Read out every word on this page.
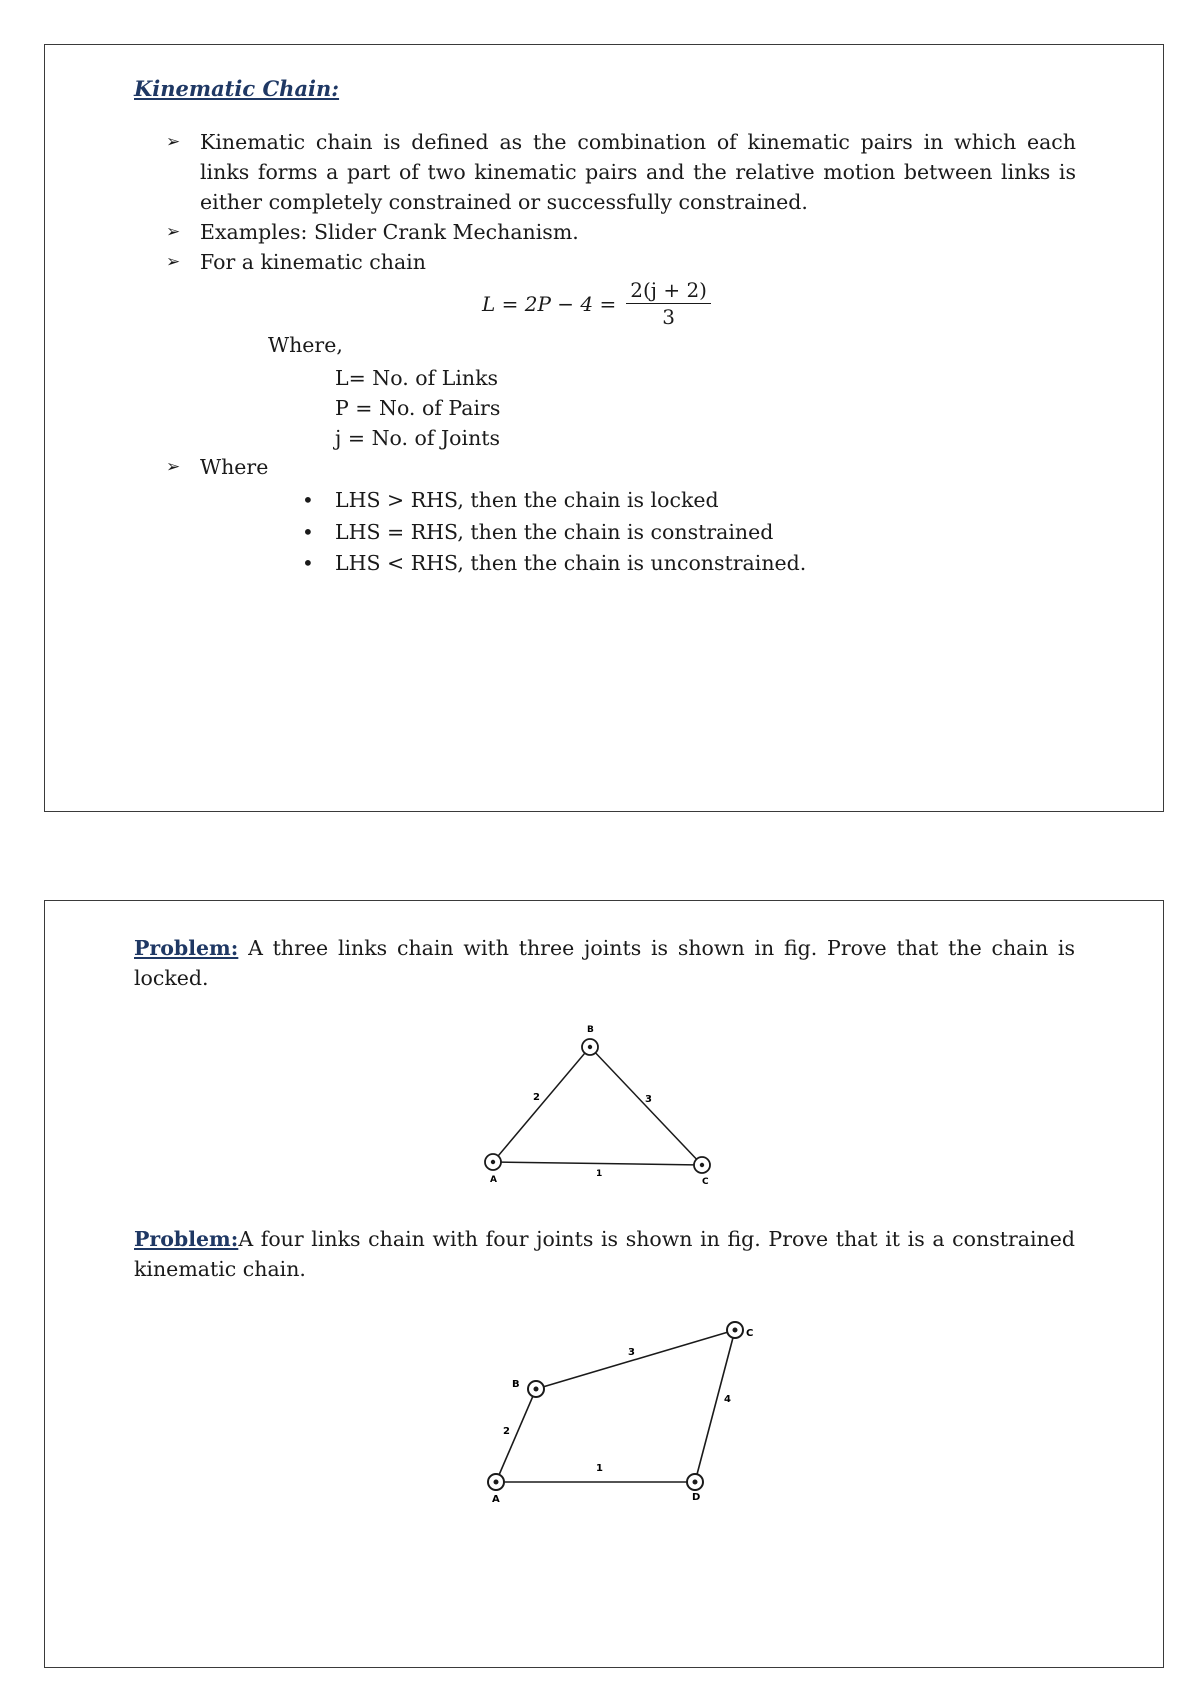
Kinematic Chain:
➢ Kinematic chain is defined as the combination of kinematic pairs in which each links forms a part of two kinematic pairs and the relative motion between links is either completely constrained or successfully constrained.
➢ Examples: Slider Crank Mechanism.
➢ For a kinematic chain
$L = 2P - 4 = \frac{2(j + 2)}{3}$
Where,
L= No. of Links
P = No. of Pairs
j = No. of Joints
➢ Where
• LHS > RHS, then the chain is locked
• LHS = RHS, then the chain is constrained
• LHS < RHS, then the chain is unconstrained.
Problem: A three links chain with three joints is shown in fig. Prove that the chain is locked.
A
B
C
1
2	3
Problem:A four links chain with four joints is shown in fig. Prove that it is a constrained kinematic chain.
A
B
C
D
1
2
3
4
